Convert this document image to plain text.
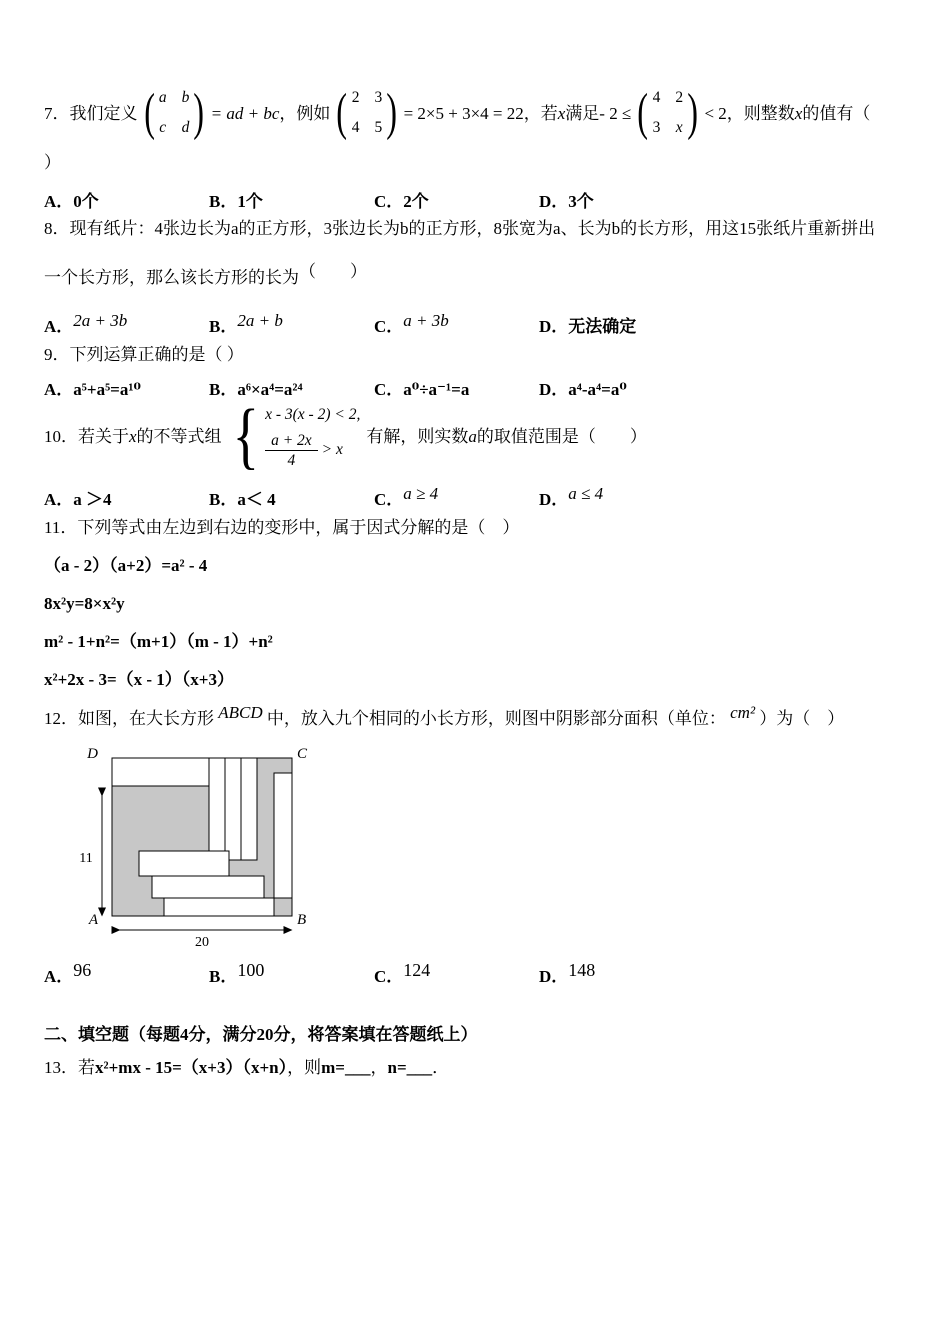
7．我们定义 ( a b
c d ) = ad + bc ，例如 ( 2 3
4 5 ) = 2×5 + 3×4 = 22 ，若 x 满足 - 2 ≤ ( 4 2
3 x ) < 2 ，则整数 x 的值有（
）
A． 0个	B． 1个	C． 2个	D． 3个
8．现有纸片：4张边长为a的正方形，3张边长为b的正方形，8张宽为a、长为b的长方形，用这15张纸片重新拼出
一个长方形，那么该长方形的长为（　　）
A． 2a + 3b	B． 2a + b	C． a + 3b	D． 无法确定
9．下列运算正确的是（ ）
A． a⁵+a⁵=a¹⁰	B． a⁶×a⁴=a²⁴	C． a⁰÷a⁻¹=a	D． a⁴-a⁴=a⁰
10．若关于 x 的不等式组 { x - 3(x - 2) < 2,
$\frac{a + 2x}{4} > x$
有解，则实数 a 的取值范围是（　　）
A． a ＞4	B． a＜ 4	C． a ≥ 4	D． a ≤ 4
11．下列等式由左边到右边的变形中，属于因式分解的是（　）
（a - 2）（a+2）=a² - 4
8x²y=8×x²y
m² - 1+n²=（m+1）（m - 1）+n²
x²+2x - 3=（x - 1）（x+3）
12．如图，在大长方形 ABCD 中，放入九个相同的小长方形，则图中阴影部分面积（单位： cm² ）为（　）
D	C
A	B
11
20
A． 96	B． 100	C． 124	D． 148
二、填空题（每题4分，满分20分，将答案填在答题纸上）
13．若x²+mx - 15=（x+3）（x+n），则m=___，n=___．
